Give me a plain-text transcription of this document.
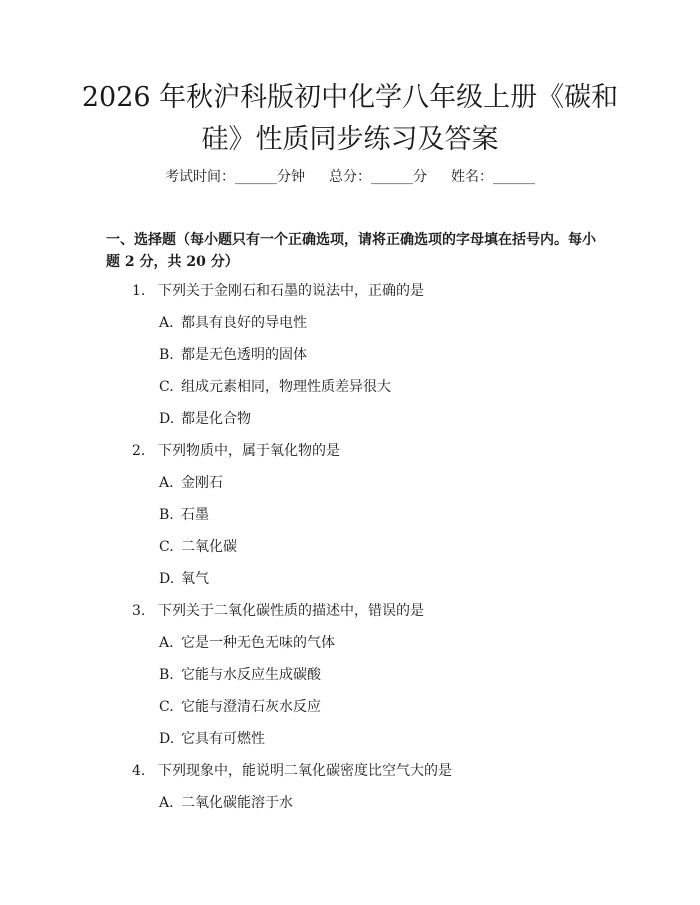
2026 年秋沪科版初中化学八年级上册《碳和
硅》性质同步练习及答案
考试时间：______分钟 总分：______分 姓名：______
一、选择题（每小题只有一个正确选项，请将正确选项的字母填在括号内。每小
题 2 分，共 20 分）
1. 下列关于金刚石和石墨的说法中，正确的是
A. 都具有良好的导电性
B. 都是无色透明的固体
C. 组成元素相同，物理性质差异很大
D. 都是化合物
2. 下列物质中，属于氧化物的是
A. 金刚石
B. 石墨
C. 二氧化碳
D. 氧气
3. 下列关于二氧化碳性质的描述中，错误的是
A. 它是一种无色无味的气体
B. 它能与水反应生成碳酸
C. 它能与澄清石灰水反应
D. 它具有可燃性
4. 下列现象中，能说明二氧化碳密度比空气大的是
A. 二氧化碳能溶于水
